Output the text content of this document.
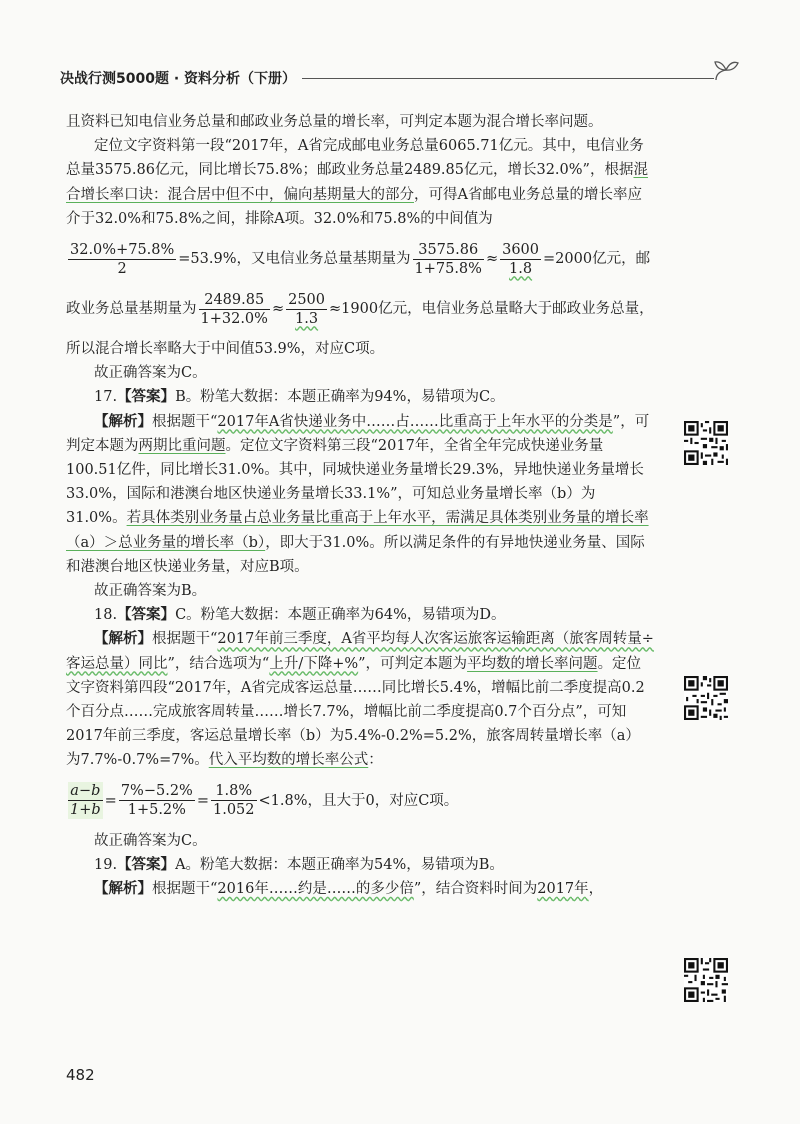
决战行测5000题 · 资料分析（下册）

且资料已知电信业务总量和邮政业务总量的增长率，可判定本题为混合增长率问题。

定位文字资料第一段“2017年，A省完成邮电业务总量6065.71亿元。其中，电信业务总量3575.86亿元，同比增长75.8%；邮政业务总量2489.85亿元，增长32.0%”，根据混合增长率口诀：混合居中但不中，偏向基期量大的部分，可得A省邮电业务总量的增长率应介于32.0%和75.8%之间，排除A项。32.0%和75.8%的中间值为

$\frac{32.0\%+75.8\%}{2} =53.9\%$，又电信业务总量基期量为 $\frac{3575.86}{1+75.8\%} \approx \frac{3600}{1.8} =2000$亿元，邮
政业务总量基期量为 $\frac{2489.85}{1+32.0\%} \approx \frac{2500}{1.3} \approx 1900$亿元，电信业务总量略大于邮政业务总量，

所以混合增长率略大于中间值53.9%，对应C项。

故正确答案为C。

17.【答案】B。粉笔大数据：本题正确率为94%，易错项为C。

【解析】根据题干“2017年A省快递业务中……占……比重高于上年水平的分类是”，可判定本题为两期比重问题。定位文字资料第三段“2017年，全省全年完成快递业务量100.51亿件，同比增长31.0%。其中，同城快递业务量增长29.3%，异地快递业务量增长33.0%，国际和港澳台地区快递业务量增长33.1%”，可知总业务量增长率（b）为31.0%。若具体类别业务量占总业务量比重高于上年水平，需满足具体类别业务量的增长率（a）＞总业务量的增长率（b），即大于31.0%。所以满足条件的有异地快递业务量、国际和港澳台地区快递业务量，对应B项。

故正确答案为B。

18.【答案】C。粉笔大数据：本题正确率为64%，易错项为D。

【解析】根据题干“2017年前三季度，A省平均每人次客运旅客运输距离（旅客周转量÷客运总量）同比”，结合选项为“上升/下降+%”，可判定本题为平均数的增长率问题。定位文字资料第四段“2017年，A省完成客运总量……同比增长5.4%，增幅比前二季度提高0.2个百分点……完成旅客周转量……增长7.7%，增幅比前二季度提高0.7个百分点”，可知2017年前三季度，客运总量增长率（b）为5.4%-0.2%=5.2%，旅客周转量增长率（a）为7.7%-0.7%=7%。代入平均数的增长率公式：

$\frac{a-b}{1+b} = \frac{7\%-5.2\%}{1+5.2\%} = \frac{1.8\%}{1.052} <1.8\%$，且大于0，对应C项。

故正确答案为C。

19.【答案】A。粉笔大数据：本题正确率为54%，易错项为B。

【解析】根据题干“2016年……约是……的多少倍”，结合资料时间为2017年，

482
